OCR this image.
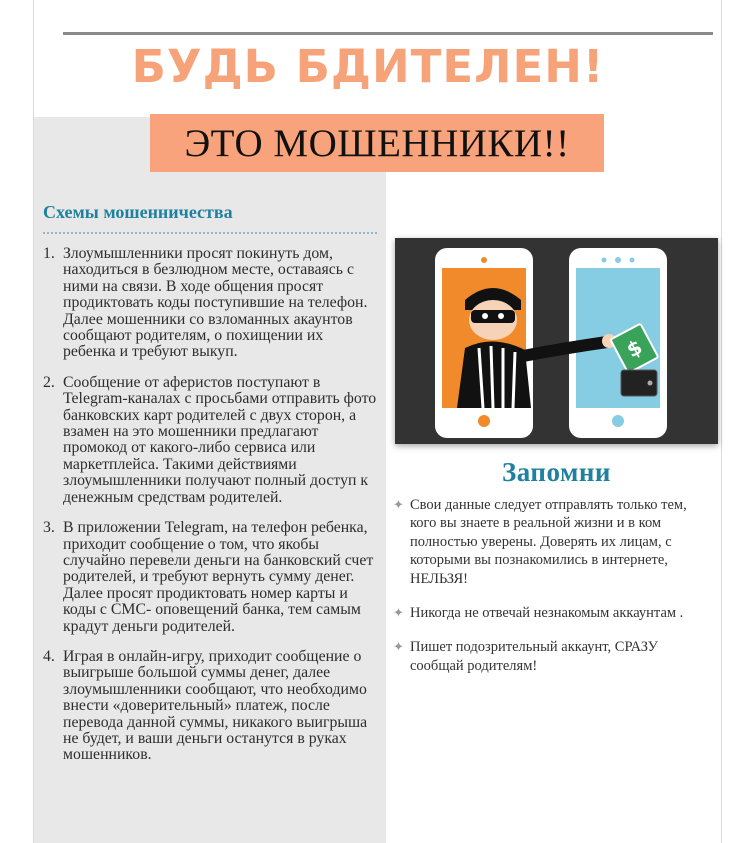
БУДЬ БДИТЕЛЕН!
ЭТО МОШЕННИКИ!!
Схемы мошенничества
1. Злоумышленники просят покинуть дом, находиться в безлюдном месте, оставаясь с ними на связи. В ходе общения просят продиктовать коды поступившие на телефон. Далее мошенники со взломанных акаунтов сообщают родителям, о похищении их ребенка и требуют выкуп.
2. Сообщение от аферистов поступают в Telegram-каналах с просьбами отправить фото банковских карт родителей с двух сторон, а взамен на это мошенники предлагают промокод от какого-либо сервиса или маркетплейса. Такими действиями злоумышленники получают полный доступ к денежным средствам родителей.
3. В приложении Telegram, на телефон ребенка, приходит сообщение о том, что якобы случайно перевели деньги на банковский счет родителей, и требуют вернуть сумму денег. Далее просят продиктовать номер карты и коды с СМС- оповещений банка, тем самым крадут деньги родителей.
4. Играя в онлайн-игру, приходит сообщение о выигрыше большой суммы денег, далее злоумышленники сообщают, что необходимо внести «доверительный» платеж, после перевода данной суммы, никакого выигрыша не будет, и ваши деньги останутся в руках мошенников.
$
Запомни
✦ Свои данные следует отправлять только тем, кого вы знаете в реальной жизни и в ком полностью уверены. Доверять их лицам, с которыми вы познакомились в интернете, НЕЛЬЗЯ!
✦ Никогда не отвечай незнакомым аккаунтам .
✦ Пишет подозрительный аккаунт, СРАЗУ сообщай родителям!
